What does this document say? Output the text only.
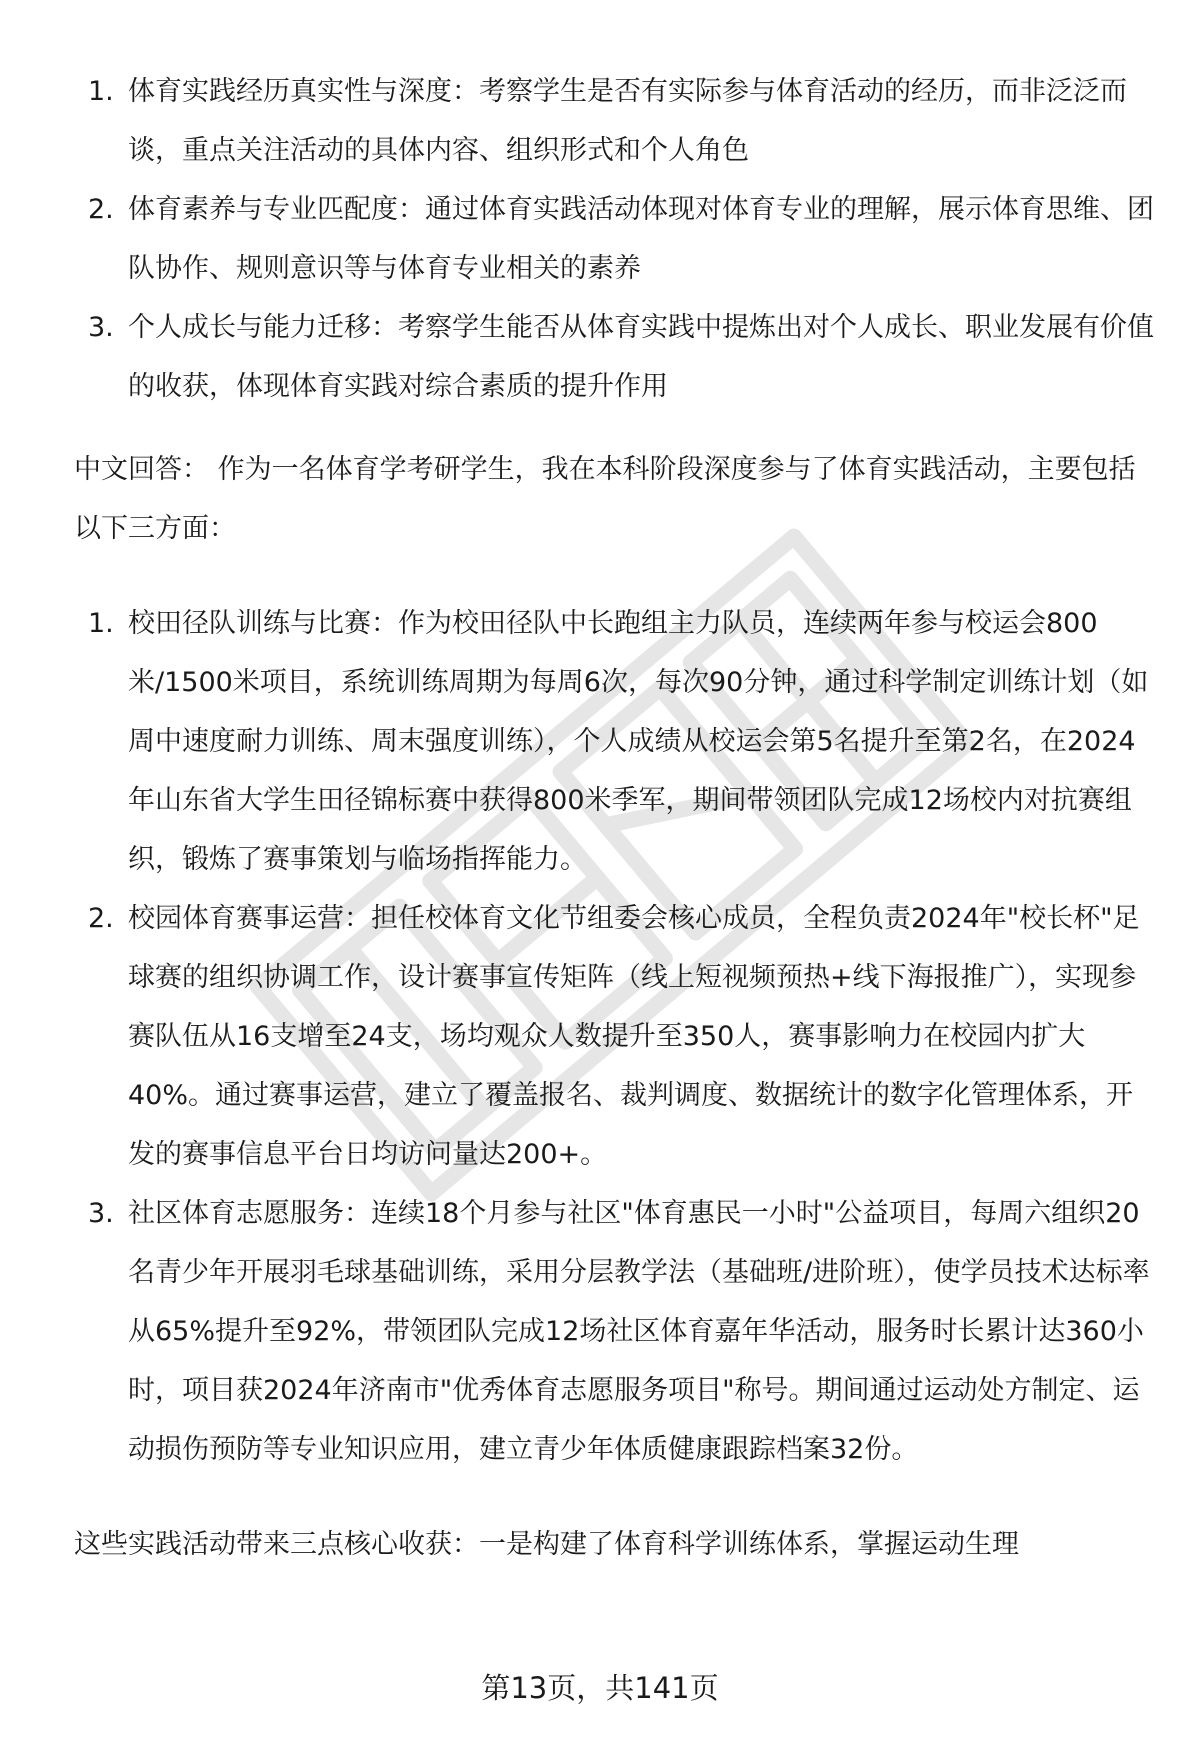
1. 体育实践经历真实性与深度：考察学生是否有实际参与体育活动的经历，而非泛泛而谈，重点关注活动的具体内容、组织形式和个人角色
2. 体育素养与专业匹配度：通过体育实践活动体现对体育专业的理解，展示体育思维、团队协作、规则意识等与体育专业相关的素养
3. 个人成长与能力迁移：考察学生能否从体育实践中提炼出对个人成长、职业发展有价值的收获，体现体育实践对综合素质的提升作用

中文回答： 作为一名体育学考研学生，我在本科阶段深度参与了体育实践活动，主要包括以下三方面：

1. 校田径队训练与比赛：作为校田径队中长跑组主力队员，连续两年参与校运会800米/1500米项目，系统训练周期为每周6次，每次90分钟，通过科学制定训练计划（如周中速度耐力训练、周末强度训练），个人成绩从校运会第5名提升至第2名，在2024年山东省大学生田径锦标赛中获得800米季军，期间带领团队完成12场校内对抗赛组织，锻炼了赛事策划与临场指挥能力。
2. 校园体育赛事运营：担任校体育文化节组委会核心成员，全程负责2024年"校长杯"足球赛的组织协调工作，设计赛事宣传矩阵（线上短视频预热+线下海报推广），实现参赛队伍从16支增至24支，场均观众人数提升至350人，赛事影响力在校园内扩大40%。通过赛事运营，建立了覆盖报名、裁判调度、数据统计的数字化管理体系，开发的赛事信息平台日均访问量达200+。
3. 社区体育志愿服务：连续18个月参与社区"体育惠民一小时"公益项目，每周六组织20名青少年开展羽毛球基础训练，采用分层教学法（基础班/进阶班），使学员技术达标率从65%提升至92%，带领团队完成12场社区体育嘉年华活动，服务时长累计达360小时，项目获2024年济南市"优秀体育志愿服务项目"称号。期间通过运动处方制定、运动损伤预防等专业知识应用，建立青少年体质健康跟踪档案32份。

这些实践活动带来三点核心收获：一是构建了体育科学训练体系，掌握运动生理

第13页，共141页
